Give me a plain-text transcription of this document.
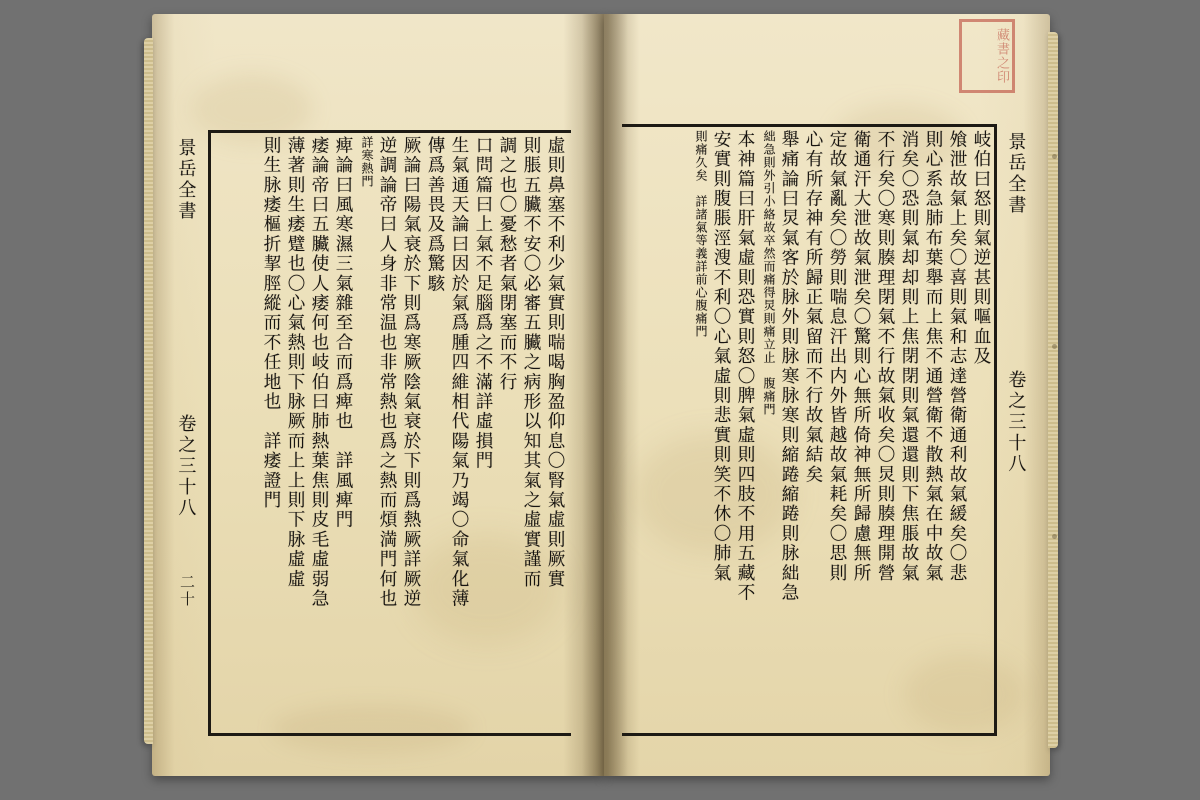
景岳全書
卷之三十八
二十
虛則鼻塞不利少氣實則喘喝胸盈仰息〇腎氣虛則厥實
則脹五臟不安〇必審五臟之病形以知其氣之虛實謹而
調之也〇憂愁者氣閉塞而不行
口問篇曰上氣不足腦爲之不滿詳虛損門
生氣通天論曰因於氣爲腫四維相代陽氣乃竭〇命氣化薄
傳爲善畏及爲驚駭
厥論曰陽氣衰於下則爲寒厥陰氣衰於下則爲熱厥詳厥逆
逆調論帝曰人身非常温也非常熱也爲之熱而煩満門何也
詳寒熱門
痺論曰風寒濕三氣雜至合而爲痺也　詳風痺門
痿論帝曰五臟使人痿何也岐伯曰肺熱葉焦則皮毛虛弱急
薄著則生痿躄也〇心氣熱則下脉厥而上上則下脉虛虛
則生脉痿樞折挈脛縱而不任地也　詳痿證門
藏書之印
景岳全書
卷之三十八
岐伯曰怒則氣逆甚則嘔血及
飧泄故氣上矣〇喜則氣和志達營衛通利故氣緩矣〇悲
則心系急肺布葉舉而上焦不通營衛不散熱氣在中故氣
消矣〇恐則氣却却則上焦閉閉則氣還還則下焦脹故氣
不行矣〇寒則腠理閉氣不行故氣收矣〇炅則腠理開營
衛通汗大泄故氣泄矣〇驚則心無所倚神無所歸慮無所
定故氣亂矣〇勞則喘息汗出内外皆越故氣耗矣〇思則
心有所存神有所歸正氣留而不行故氣結矣
舉痛論曰炅氣客於脉外則脉寒脉寒則縮踡縮踡則脉絀急
絀急則外引小絡故卒然而痛得炅則痛立止　腹痛門
本神篇曰肝氣虛則恐實則怒〇脾氣虛則四肢不用五藏不
安實則腹脹涇溲不利〇心氣虛則悲實則笑不休〇肺氣
則痛久矣　詳諸氣等義詳前心腹痛門
